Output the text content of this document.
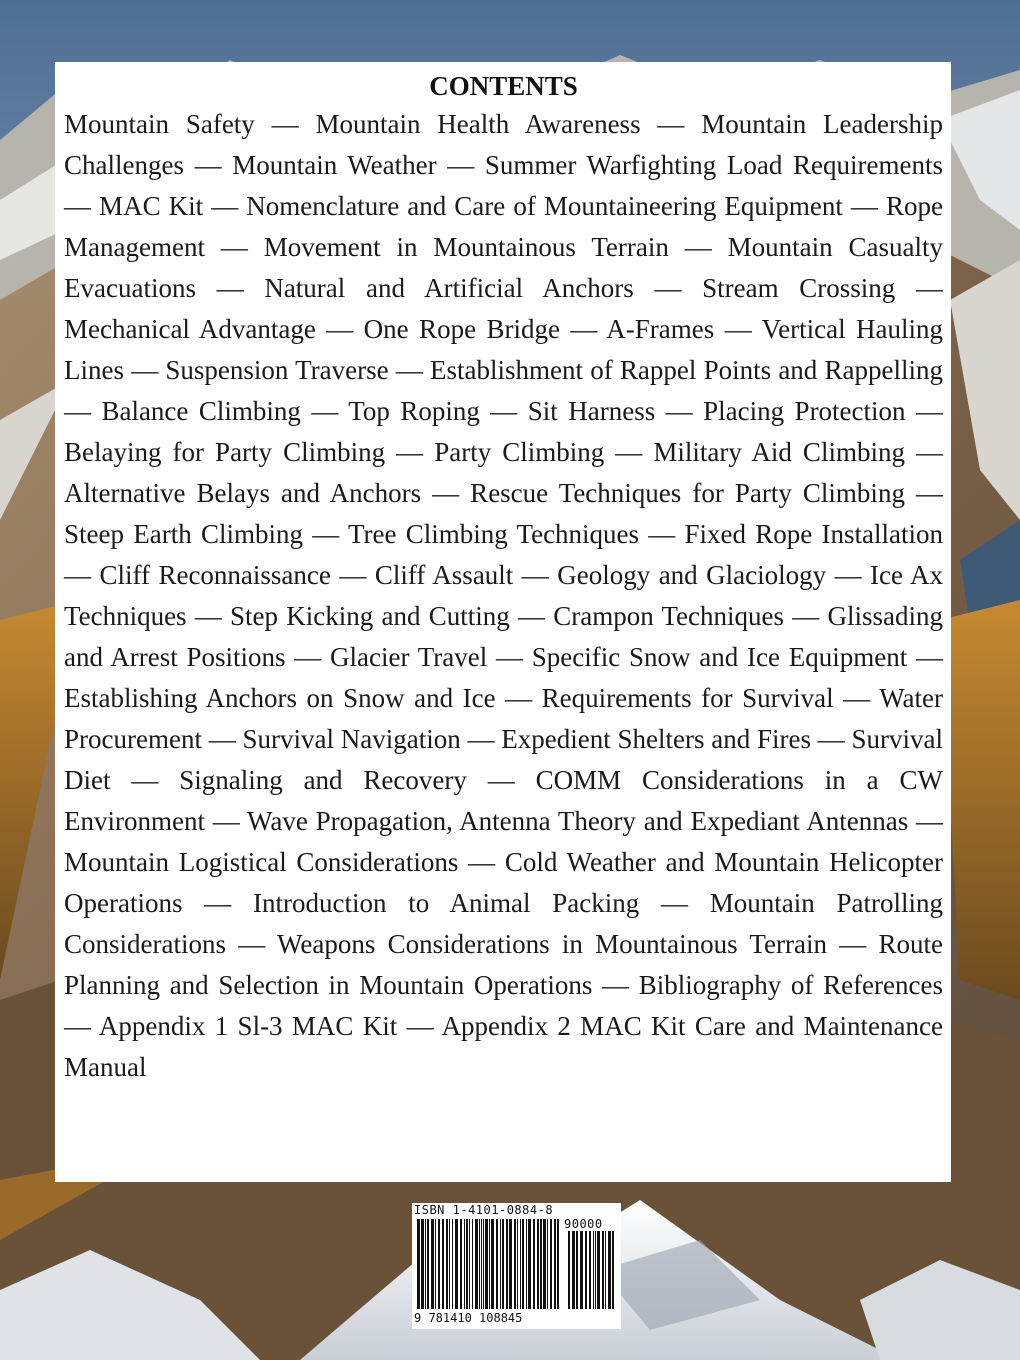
CONTENTS

Mountain Safety — Mountain Health Awareness — Mountain Leadership Challenges — Mountain Weather — Summer Warfighting Load Requirements — MAC Kit — Nomenclature and Care of Mountaineering Equipment — Rope Management — Movement in Mountainous Terrain — Mountain Casualty Evacuations — Natural and Artificial Anchors — Stream Crossing — Mechanical Advantage — One Rope Bridge — A-Frames — Vertical Hauling Lines — Suspension Traverse — Establishment of Rappel Points and Rappelling — Balance Climbing — Top Roping — Sit Harness — Placing Protection — Belaying for Party Climbing — Party Climbing — Military Aid Climbing — Alternative Belays and Anchors — Rescue Techniques for Party Climbing — Steep Earth Climbing — Tree Climbing Techniques — Fixed Rope Installation — Cliff Reconnaissance — Cliff Assault — Geology and Glaciology — Ice Ax Techniques — Step Kicking and Cutting — Crampon Techniques — Glissading and Arrest Positions — Glacier Travel — Specific Snow and Ice Equipment — Establishing Anchors on Snow and Ice — Requirements for Survival — Water Procurement — Survival Navigation — Expedient Shelters and Fires — Survival Diet — Signaling and Recovery — COMM Considerations in a CW Environment — Wave Propagation, Antenna Theory and Expediant Antennas — Mountain Logistical Considerations — Cold Weather and Mountain Helicopter Operations — Introduction to Animal Packing — Mountain Patrolling Considerations — Weapons Considerations in Mountainous Terrain — Route Planning and Selection in Mountain Operations — Bibliography of References — Appendix 1 Sl-3 MAC Kit — Appendix 2 MAC Kit Care and Maintenance Manual

ISBN 1-4101-0884-8
90000
9 781410 108845
